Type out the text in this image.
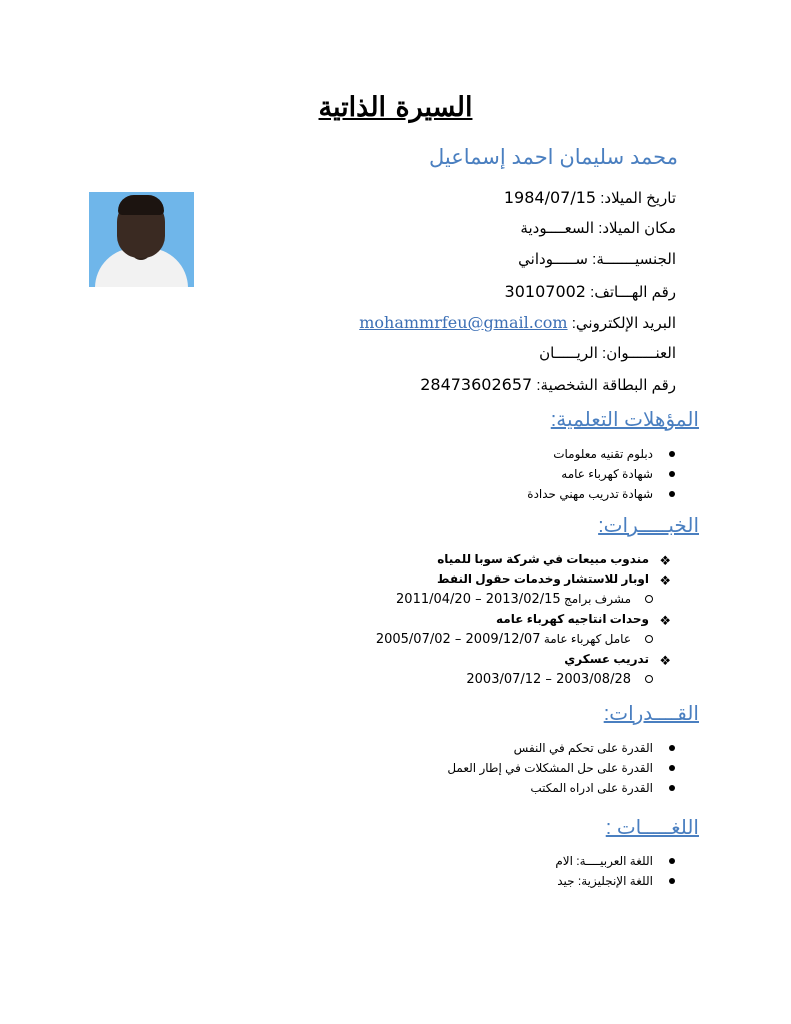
السيرة الذاتية
محمد سليمان احمد إسماعيل
تاريخ الميلاد: 1984/07/15
مكان الميلاد: السعــــودية
الجنسيـــــــة: ســـــوداني
رقم الهـــاتف: 30107002
البريد الإلكتروني: mohammrfeu@gmail.com
العنــــــوان: الريـــــان
رقم البطاقة الشخصية: 28473602657
المؤهلات التعلمية:
دبلوم تقنيه معلومات
شهادة كهرباء عامه
شهادة تدريب مهني حدادة
الخبـــــرات:
❖
مندوب مبيعات في شركة سوبا للمياه
❖
اوبار للاستشار وخدمات حقول النفط
مشرف برامج 2011/04/20 – 2013/02/15
❖
وحدات انتاجيه كهرباء عامه
عامل كهرباء عامة 2005/07/02 – 2009/12/07
❖
تدريب عسكري
2003/07/12 – 2003/08/28
القــــدرات:
القدرة على تحكم في النفس
القدرة على حل المشكلات في إطار العمل
القدرة على ادراه المكتب
اللغـــــات :
اللغة العربيــــة: الام
اللغة الإنجليزية: جيد
